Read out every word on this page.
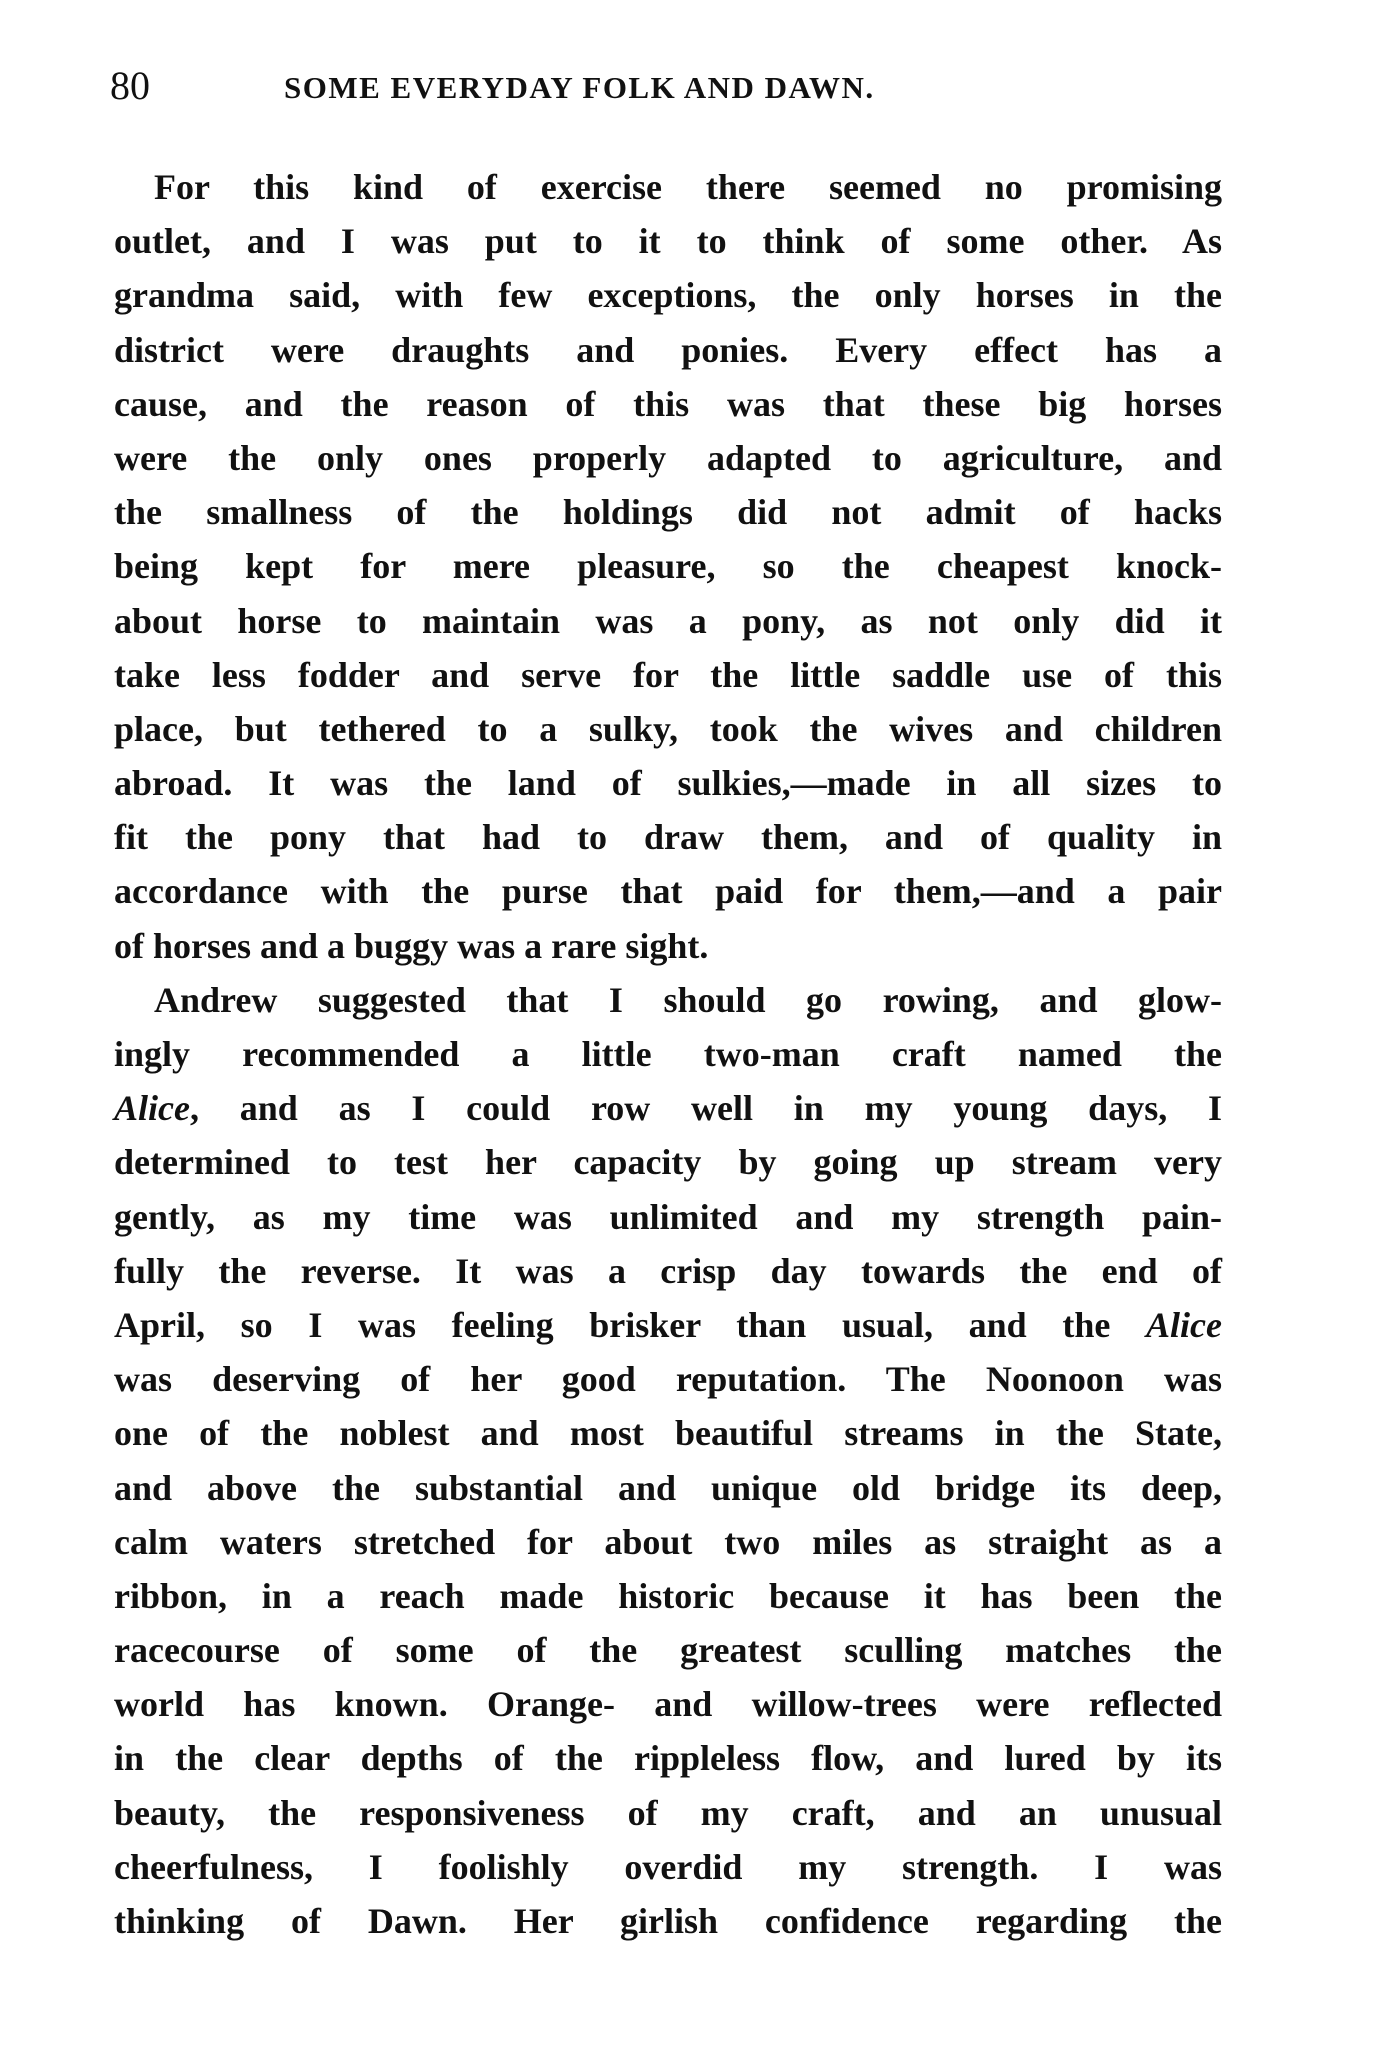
80	SOME EVERYDAY FOLK AND DAWN.
For this kind of exercise there seemed no promising
outlet, and I was put to it to think of some other. As
grandma said, with few exceptions, the only horses in the
district were draughts and ponies. Every effect has a
cause, and the reason of this was that these big horses
were the only ones properly adapted to agriculture, and
the smallness of the holdings did not admit of hacks
being kept for mere pleasure, so the cheapest knock-
about horse to maintain was a pony, as not only did it
take less fodder and serve for the little saddle use of this
place, but tethered to a sulky, took the wives and children
abroad. It was the land of sulkies,—made in all sizes to
fit the pony that had to draw them, and of quality in
accordance with the purse that paid for them,—and a pair
of horses and a buggy was a rare sight.
Andrew suggested that I should go rowing, and glow-
ingly recommended a little two-man craft named the
Alice, and as I could row well in my young days, I
determined to test her capacity by going up stream very
gently, as my time was unlimited and my strength pain-
fully the reverse. It was a crisp day towards the end of
April, so I was feeling brisker than usual, and the Alice
was deserving of her good reputation. The Noonoon was
one of the noblest and most beautiful streams in the State,
and above the substantial and unique old bridge its deep,
calm waters stretched for about two miles as straight as a
ribbon, in a reach made historic because it has been the
racecourse of some of the greatest sculling matches the
world has known. Orange- and willow-trees were reflected
in the clear depths of the rippleless flow, and lured by its
beauty, the responsiveness of my craft, and an unusual
cheerfulness, I foolishly overdid my strength. I was
thinking of Dawn. Her girlish confidence regarding the
